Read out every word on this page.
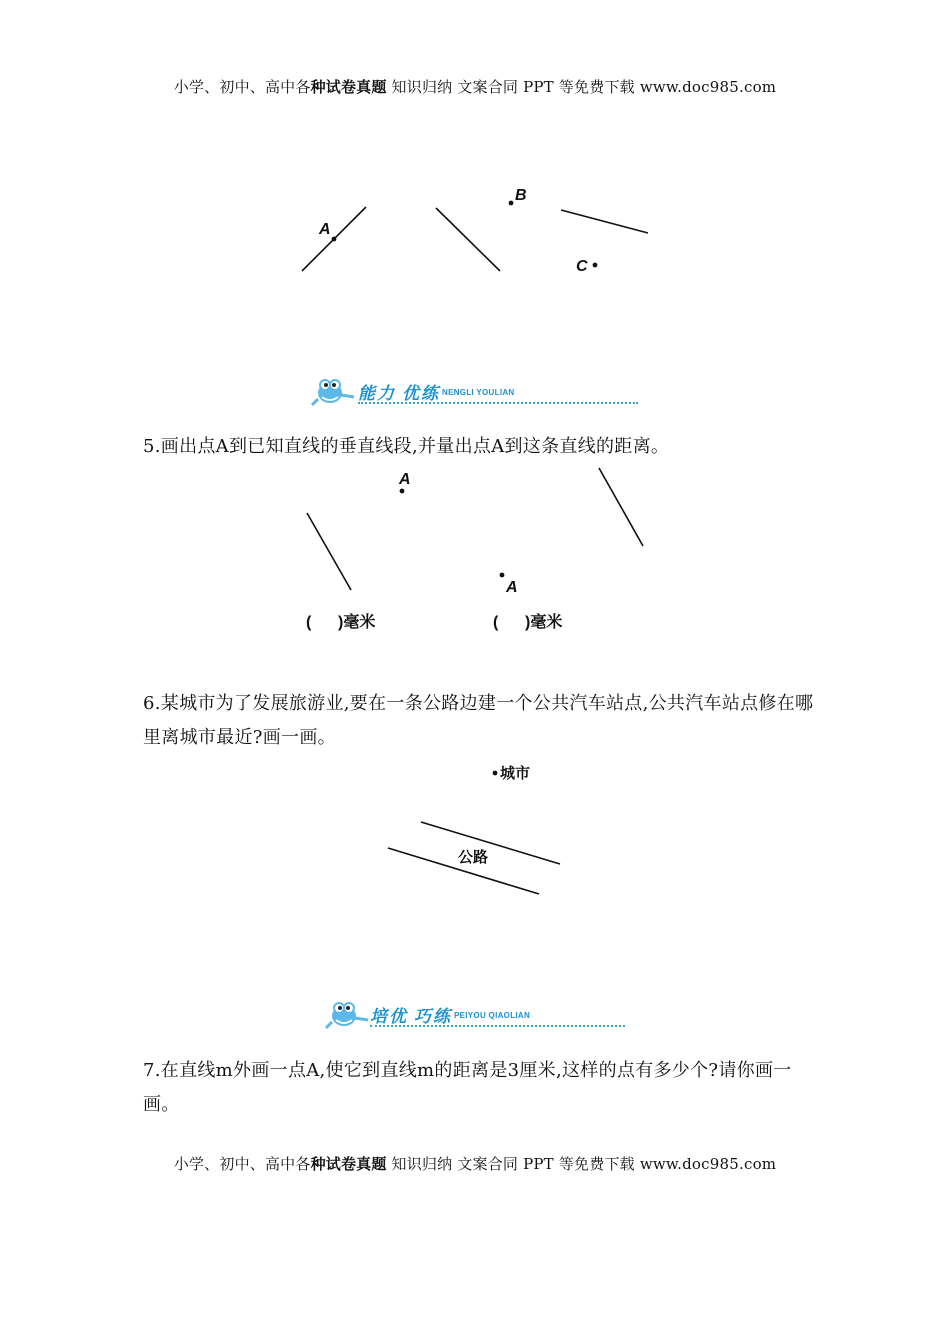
小学、初中、高中各种试卷真题 知识归纳 文案合同 PPT 等免费下载 www.doc985.com
A
B
C
A
A
城市
公路
能力 优练 NENGLI YOULIAN
5.画出点A到已知直线的垂直线段,并量出点A到这条直线的距离。
(      )毫米	(      )毫米
6.某城市为了发展旅游业,要在一条公路边建一个公共汽车站点,公共汽车站点修在哪里离城市最近?画一画。
培优 巧练 PEIYOU QIAOLIAN
7.在直线m外画一点A,使它到直线m的距离是3厘米,这样的点有多少个?请你画一画。
小学、初中、高中各种试卷真题 知识归纳 文案合同 PPT 等免费下载 www.doc985.com
